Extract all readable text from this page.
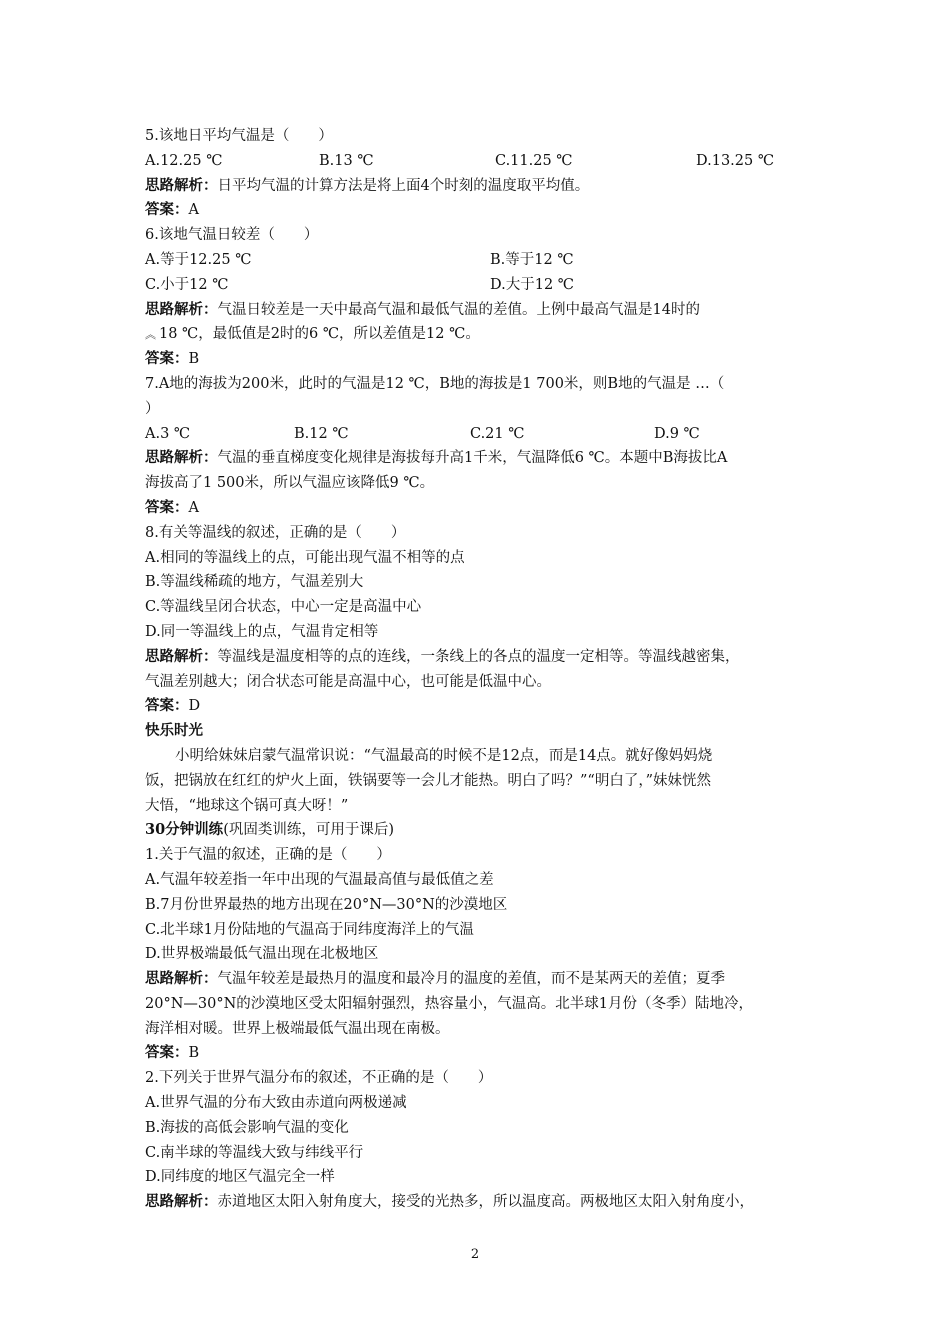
5.该地日平均气温是（　　）
A.12.25 ℃	B.13 ℃	C.11.25 ℃	D.13.25 ℃
思路解析：日平均气温的计算方法是将上面4个时刻的温度取平均值。
答案：A
6.该地气温日较差（　　）
A.等于12.25 ℃	B.等于12 ℃
C.小于12 ℃	D.大于12 ℃
思路解析：气温日较差是一天中最高气温和最低气温的差值。上例中最高气温是14时的
︽ 18 ℃，最低值是2时的6 ℃，所以差值是12 ℃。
答案：B
7.A地的海拔为200米，此时的气温是12 ℃，B地的海拔是1 700米，则B地的气温是 …（
）
A.3 ℃	B.12 ℃	C.21 ℃	D.9 ℃
思路解析：气温的垂直梯度变化规律是海拔每升高1千米，气温降低6 ℃。本题中B海拔比A
海拔高了1 500米，所以气温应该降低9 ℃。
答案：A
8.有关等温线的叙述，正确的是（　　）
A.相同的等温线上的点，可能出现气温不相等的点
B.等温线稀疏的地方，气温差别大
C.等温线呈闭合状态，中心一定是高温中心
D.同一等温线上的点，气温肯定相等
思路解析：等温线是温度相等的点的连线，一条线上的各点的温度一定相等。等温线越密集，
气温差别越大；闭合状态可能是高温中心，也可能是低温中心。
答案：D
快乐时光
小明给妹妹启蒙气温常识说：“气温最高的时候不是12点，而是14点。就好像妈妈烧
饭，把锅放在红红的炉火上面，铁锅要等一会儿才能热。明白了吗？”“明白了，”妹妹恍然
大悟，“地球这个锅可真大呀！”
30分钟训练(巩固类训练，可用于课后)
1.关于气温的叙述，正确的是（　　）
A.气温年较差指一年中出现的气温最高值与最低值之差
B.7月份世界最热的地方出现在20°N—30°N的沙漠地区
C.北半球1月份陆地的气温高于同纬度海洋上的气温
D.世界极端最低气温出现在北极地区
思路解析：气温年较差是最热月的温度和最冷月的温度的差值，而不是某两天的差值；夏季
20°N—30°N的沙漠地区受太阳辐射强烈，热容量小，气温高。北半球1月份（冬季）陆地冷，
海洋相对暖。世界上极端最低气温出现在南极。
答案：B
2.下列关于世界气温分布的叙述，不正确的是（　　）
A.世界气温的分布大致由赤道向两极递减
B.海拔的高低会影响气温的变化
C.南半球的等温线大致与纬线平行
D.同纬度的地区气温完全一样
思路解析：赤道地区太阳入射角度大，接受的光热多，所以温度高。两极地区太阳入射角度小，
2
